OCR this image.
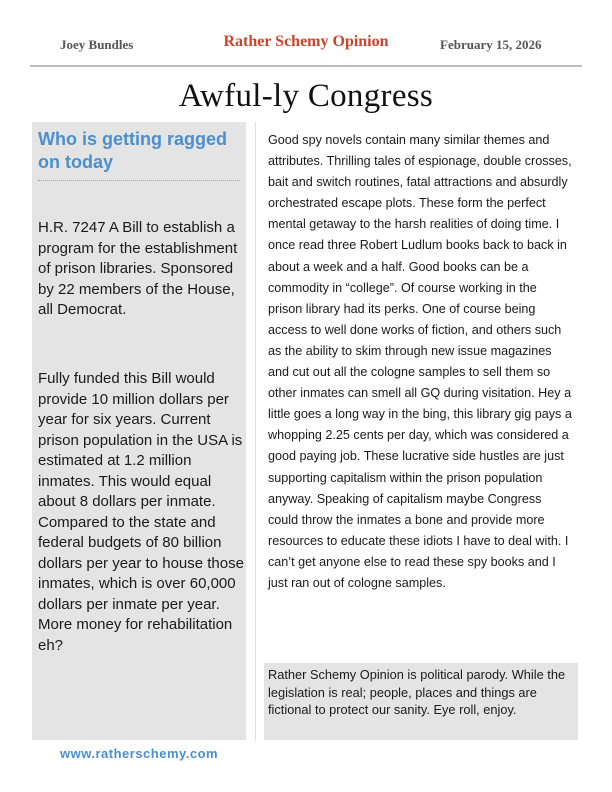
Joey Bundles	Rather Schemy Opinion	February 15, 2026
Awful-ly Congress
Who is getting ragged on today

H.R. 7247 A Bill to establish a program for the establishment of prison libraries. Sponsored by 22 members of the House, all Democrat.

Fully funded this Bill would provide 10 million dollars per year for six years. Current prison population in the USA is estimated at 1.2 million inmates. This would equal about 8 dollars per inmate. Compared to the state and federal budgets of 80 billion dollars per year to house those inmates, which is over 60,000 dollars per inmate per year. More money for rehabilitation eh?

Good spy novels contain many similar themes and attributes. Thrilling tales of espionage, double crosses, bait and switch routines, fatal attractions and absurdly orchestrated escape plots. These form the perfect mental getaway to the harsh realities of doing time. I once read three Robert Ludlum books back to back in about a week and a half. Good books can be a commodity in “college”. Of course working in the prison library had its perks. One of course being access to well done works of fiction, and others such as the ability to skim through new issue magazines and cut out all the cologne samples to sell them so other inmates can smell all GQ during visitation. Hey a little goes a long way in the bing, this library gig pays a whopping 2.25 cents per day, which was considered a good paying job. These lucrative side hustles are just supporting capitalism within the prison population anyway. Speaking of capitalism maybe Congress could throw the inmates a bone and provide more resources to educate these idiots I have to deal with. I can’t get anyone else to read these spy books and I just ran out of cologne samples.

Rather Schemy Opinion is political parody. While the legislation is real; people, places and things are fictional to protect our sanity. Eye roll, enjoy.
www.ratherschemy.com
